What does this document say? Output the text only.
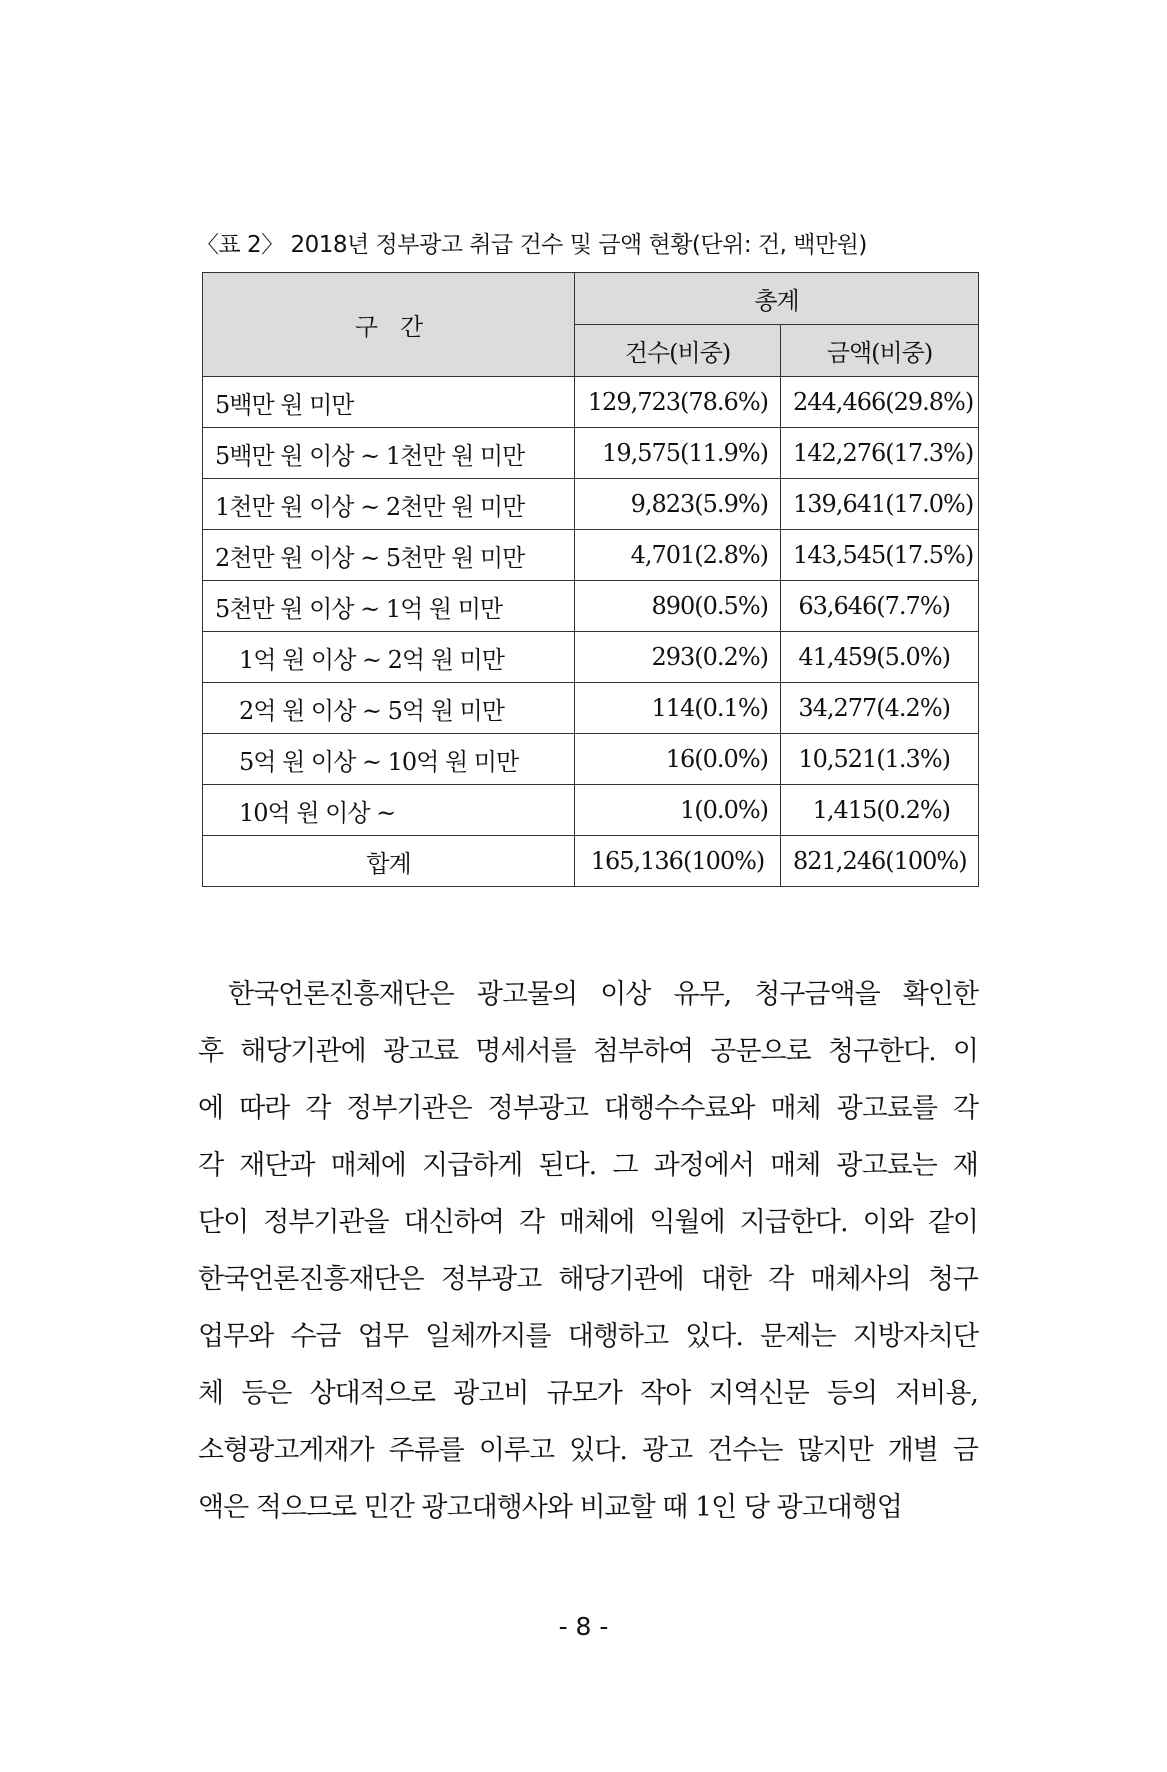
〈표 2〉 2018년 정부광고 취급 건수 및 금액 현황(단위: 건, 백만원)
구　간	총계	
	건수(비중)	금액(비중)
5백만 원 미만	129,723(78.6%)	244,466(29.8%)
5백만 원 이상 ~ 1천만 원 미만	19,575(11.9%)	142,276(17.3%)
1천만 원 이상 ~ 2천만 원 미만	9,823(5.9%)	139,641(17.0%)
2천만 원 이상 ~ 5천만 원 미만	4,701(2.8%)	143,545(17.5%)
5천만 원 이상 ~ 1억 원 미만	890(0.5%)	63,646(7.7%)
1억 원 이상 ~ 2억 원 미만	293(0.2%)	41,459(5.0%)
2억 원 이상 ~ 5억 원 미만	114(0.1%)	34,277(4.2%)
5억 원 이상 ~ 10억 원 미만	16(0.0%)	10,521(1.3%)
10억 원 이상 ~	1(0.0%)	1,415(0.2%)
합계	165,136(100%)	821,246(100%)

한국언론진흥재단은 광고물의 이상 유무, 청구금액을 확인한
후 해당기관에 광고료 명세서를 첨부하여 공문으로 청구한다. 이
에 따라 각 정부기관은 정부광고 대행수수료와 매체 광고료를 각
각 재단과 매체에 지급하게 된다. 그 과정에서 매체 광고료는 재
단이 정부기관을 대신하여 각 매체에 익월에 지급한다. 이와 같이
한국언론진흥재단은 정부광고 해당기관에 대한 각 매체사의 청구
업무와 수금 업무 일체까지를 대행하고 있다. 문제는 지방자치단
체 등은 상대적으로 광고비 규모가 작아 지역신문 등의 저비용,
소형광고게재가 주류를 이루고 있다. 광고 건수는 많지만 개별 금
액은 적으므로 민간 광고대행사와 비교할 때 1인 당 광고대행업

- 8 -
